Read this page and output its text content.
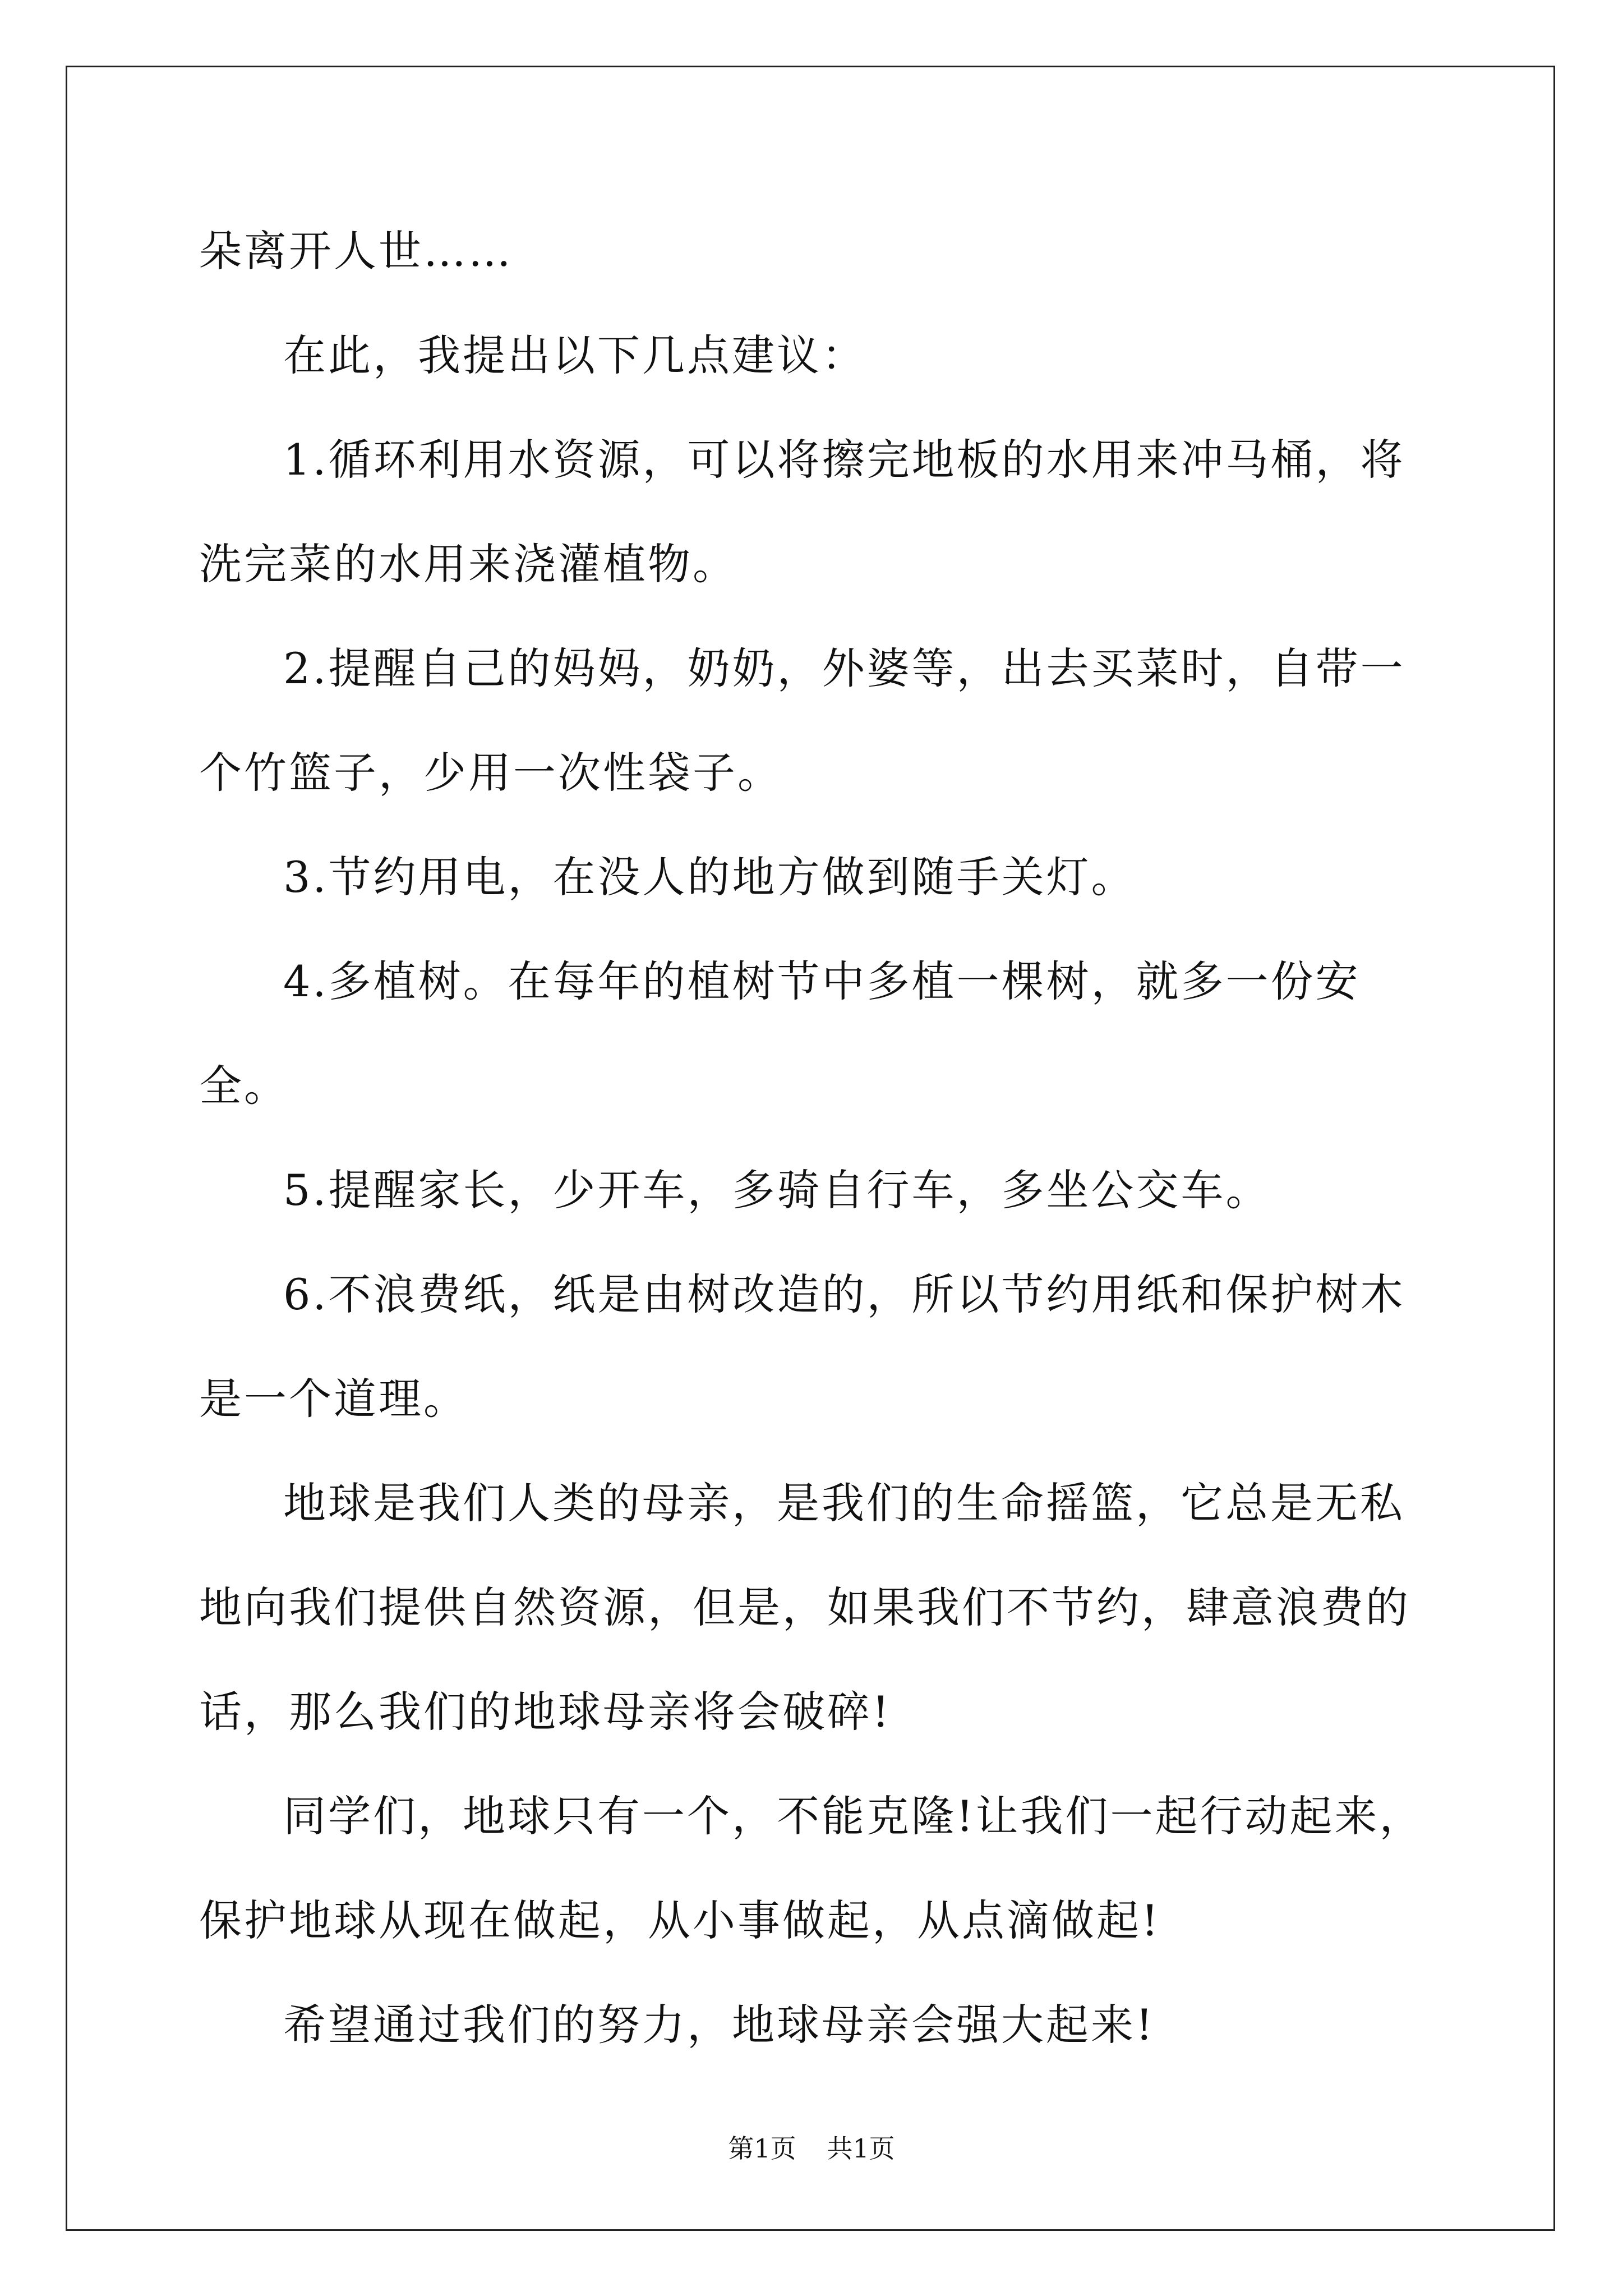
朵离开人世……

在此，我提出以下几点建议：

1.循环利用水资源，可以将擦完地板的水用来冲马桶，将洗完菜的水用来浇灌植物。

2.提醒自己的妈妈，奶奶，外婆等，出去买菜时，自带一个竹篮子，少用一次性袋子。

3.节约用电，在没人的地方做到随手关灯。

4.多植树。在每年的植树节中多植一棵树，就多一份安全。

5.提醒家长，少开车，多骑自行车，多坐公交车。

6.不浪费纸，纸是由树改造的，所以节约用纸和保护树木是一个道理。

地球是我们人类的母亲，是我们的生命摇篮，它总是无私地向我们提供自然资源，但是，如果我们不节约，肆意浪费的话，那么我们的地球母亲将会破碎!

同学们，地球只有一个，不能克隆!让我们一起行动起来，保护地球从现在做起，从小事做起，从点滴做起!

希望通过我们的努力，地球母亲会强大起来!

第1页 共1页
